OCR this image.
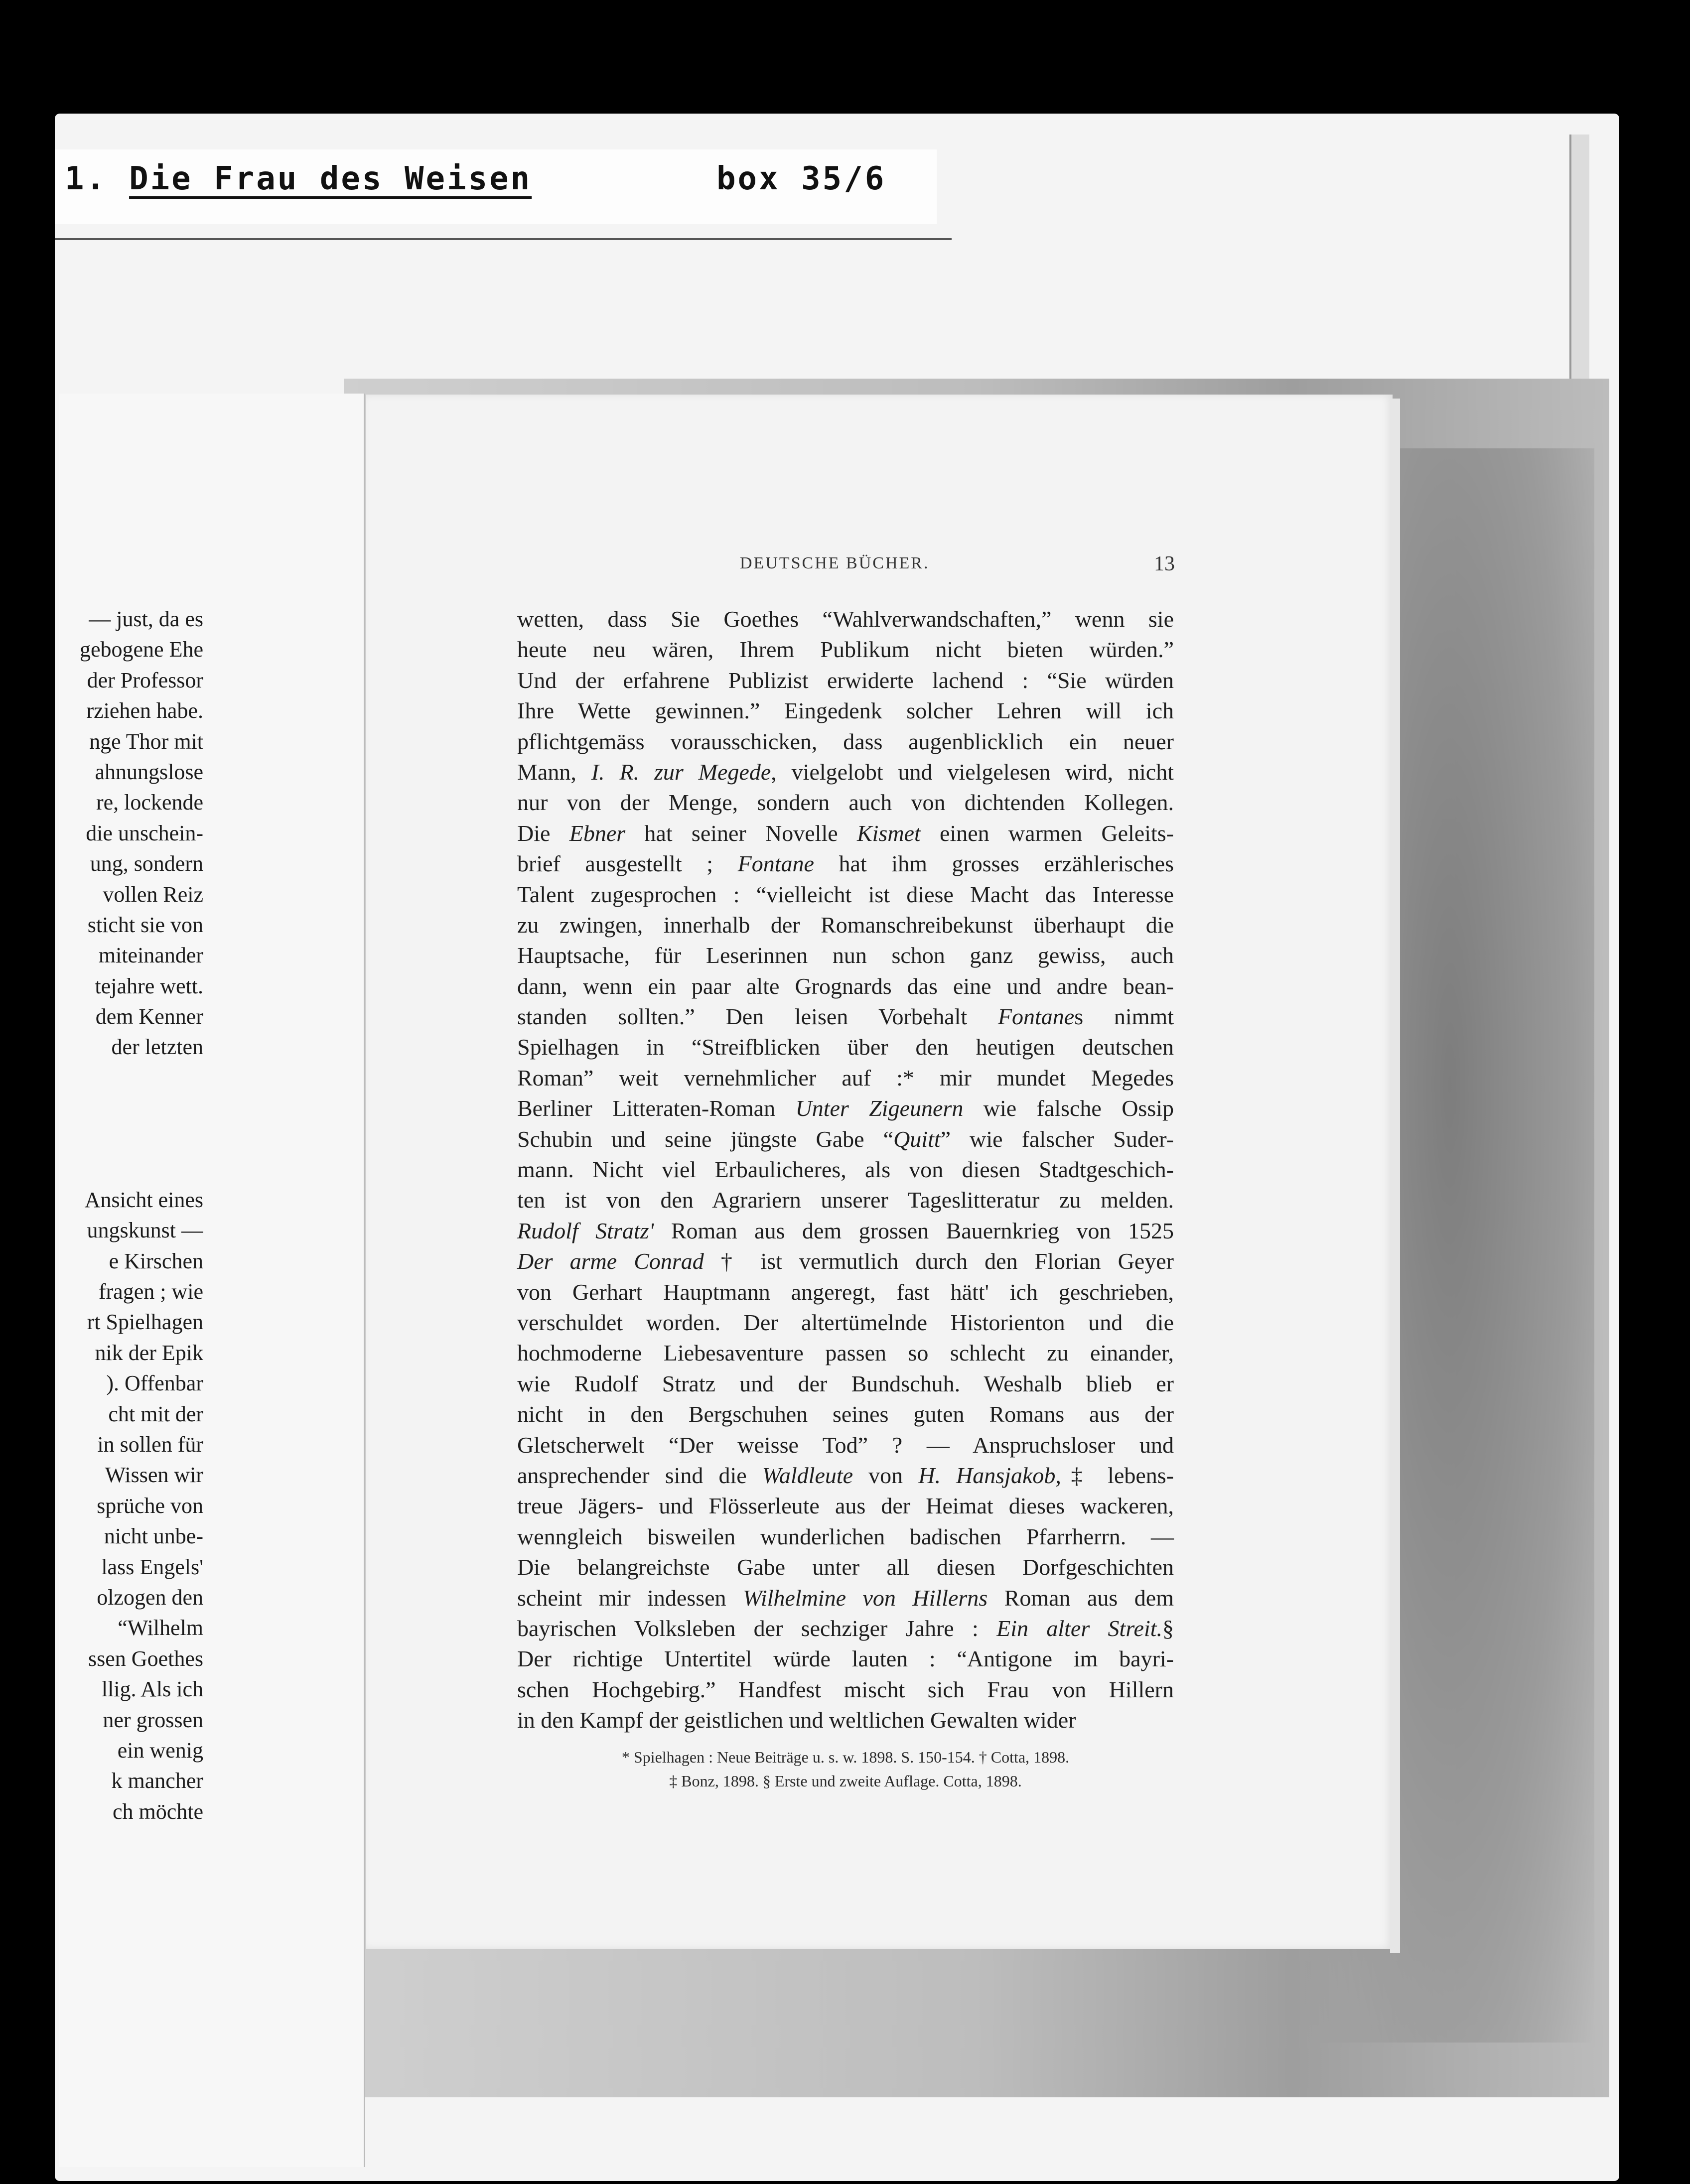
1. Die Frau des Weisen	box 35/6
— just, da es
gebogene Ehe
der Professor
rziehen habe.
nge Thor mit
ahnungslose
re, lockende
die unschein-
ung, sondern
vollen Reiz
sticht sie von
miteinander
tejahre wett.
dem Kenner
der letzten
Ansicht eines
ungskunst —
e Kirschen
fragen ; wie
rt Spielhagen
nik der Epik
). Offenbar
cht mit der
in sollen für
Wissen wir
sprüche von
nicht unbe-
lass Engels'
olzogen den
“Wilhelm
ssen Goethes
llig. Als ich
ner grossen
ein wenig
k mancher
ch möchte
DEUTSCHE BÜCHER.	13
wetten, dass Sie Goethes “Wahlverwandschaften,” wenn sie
heute neu wären, Ihrem Publikum nicht bieten würden.”
Und der erfahrene Publizist erwiderte lachend : “Sie würden
Ihre Wette gewinnen.” Eingedenk solcher Lehren will ich
pflichtgemäss vorausschicken, dass augenblicklich ein neuer
Mann, I. R. zur Megede, vielgelobt und vielgelesen wird, nicht
nur von der Menge, sondern auch von dichtenden Kollegen.
Die Ebner hat seiner Novelle Kismet einen warmen Geleits-
brief ausgestellt ; Fontane hat ihm grosses erzählerisches
Talent zugesprochen : “vielleicht ist diese Macht das Interesse
zu zwingen, innerhalb der Romanschreibekunst überhaupt die
Hauptsache, für Leserinnen nun schon ganz gewiss, auch
dann, wenn ein paar alte Grognards das eine und andre bean-
standen sollten.” Den leisen Vorbehalt Fontanes nimmt
Spielhagen in “Streifblicken über den heutigen deutschen
Roman” weit vernehmlicher auf :* mir mundet Megedes
Berliner Litteraten-Roman Unter Zigeunern wie falsche Ossip
Schubin und seine jüngste Gabe “Quitt” wie falscher Suder-
mann. Nicht viel Erbaulicheres, als von diesen Stadtgeschich-
ten ist von den Agrariern unserer Tageslitteratur zu melden.
Rudolf Stratz' Roman aus dem grossen Bauernkrieg von 1525
Der arme Conrad † ist vermutlich durch den Florian Geyer
von Gerhart Hauptmann angeregt, fast hätt' ich geschrieben,
verschuldet worden. Der altertümelnde Historienton und die
hochmoderne Liebesaventure passen so schlecht zu einander,
wie Rudolf Stratz und der Bundschuh. Weshalb blieb er
nicht in den Bergschuhen seines guten Romans aus der
Gletscherwelt “Der weisse Tod” ? — Anspruchsloser und
ansprechender sind die Waldleute von H. Hansjakob,‡ lebens-
treue Jägers- und Flösserleute aus der Heimat dieses wackeren,
wenngleich bisweilen wunderlichen badischen Pfarrherrn. —
Die belangreichste Gabe unter all diesen Dorfgeschichten
scheint mir indessen Wilhelmine von Hillerns Roman aus dem
bayrischen Volksleben der sechziger Jahre : Ein alter Streit.§
Der richtige Untertitel würde lauten : “Antigone im bayri-
schen Hochgebirg.” Handfest mischt sich Frau von Hillern
in den Kampf der geistlichen und weltlichen Gewalten wider
* Spielhagen : Neue Beiträge u. s. w. 1898. S. 150-154. † Cotta, 1898.
‡ Bonz, 1898. § Erste und zweite Auflage. Cotta, 1898.
